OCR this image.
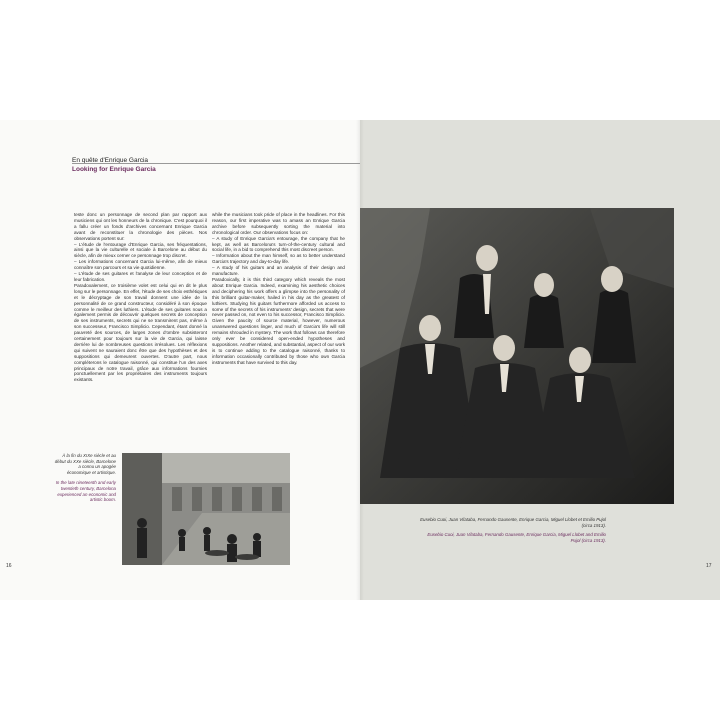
En quête d'Enrique Garcia
Looking for Enrique Garcia

teste donc un personnage de second plan par rapport aux musiciens qui ont les honneurs de la chronique. C'est pourquoi il a fallu créer un fonds d'archives concernant Enrique Garcia avant de reconstituer la chronologie des pièces. Nos observations portent sur:

– L'étude de l'entourage d'Enrique Garcia, ses fréquentations, ainsi que la vie culturelle et sociale à Barcelone au début du siècle, afin de mieux cerner ce personnage trop discret.

– Les informations concernant Garcia lui-même, afin de mieux connaître son parcours et sa vie quotidienne.

– L'étude de ses guitares et l'analyse de leur conception et de leur fabrication.

Paradoxalement, ce troisième volet est celui qui en dit le plus long sur le personnage. En effet, l'étude de ses choix esthétiques et le décryptage de son travail donnent une idée de la personnalité de ce grand constructeur, considéré à son époque comme le meilleur des luthiers. L'étude de ses guitares nous a également permis de découvrir quelques secrets de conception de ses instruments, secrets qui ne se transmirent pas, même à son successeur, Francisco Simplicio. Cependant, étant donné la pauvreté des sources, de larges zones d'ombre subsisteront certainement pour toujours sur la vie de Garcia, qui laisse derrière lui de nombreuses questions irrésolues. Les réflexions qui suivent ne sauraient donc être que des hypothèses et des suppositions qui demeurent ouvertes. D'autre part, nous compléterons le catalogue raisonné, qui constitue l'un des axes principaux de notre travail, grâce aux informations fournies ponctuellement par les propriétaires des instruments toujours existants.

while the musicians took pride of place in the headlines. For this reason, our first imperative was to amass an Enrique Garcia archive before subsequently sorting the material into chronological order. Our observations focus on:

– A study of Enrique Garcia's entourage, the company that he kept, as well as Barcelona's turn-of-the-century cultural and social life, in a bid to comprehend this most discreet person.

– Information about the man himself, so as to better understand Garcia's trajectory and day-to-day life.

– A study of his guitars and an analysis of their design and manufacture.

Paradoxically, it is this third category which reveals the most about Enrique Garcia. Indeed, examining his aesthetic choices and deciphering his work offers a glimpse into the personality of this brilliant guitar-maker, hailed in his day as the greatest of luthiers. Studying his guitars furthermore afforded us access to some of the secrets of his instruments' design, secrets that were never passed on, not even to his successor, Francisco Simplicio. Given the paucity of source material, however, numerous unanswered questions linger, and much of Garcia's life will still remains shrouded in mystery. The work that follows can therefore only ever be considered open-ended hypotheses and suppositions. Another related, and substantial, aspect of our work is to continue adding to the catalogue raisonné, thanks to information occasionally contributed by those who own Garcia instruments that have survived to this day.

Eusebio Cuoi, Juan Vilataba, Fernando Gausente, Enrique Garcia, Miguel Llobet et Emilio Pujol (circa 1913).
Eusebio Cuoi, Juan Vilataba, Fernando Gausente, Enrique Garcia, Miguel Llobet and Emilio Pujol (circa 1913).
À la fin du XIXe siècle et au début du XXe siècle, Barcelone a connu un apogée économique et artistique.
In the late nineteenth and early twentieth century, Barcelona experienced an economic and artistic boom.
16	17
